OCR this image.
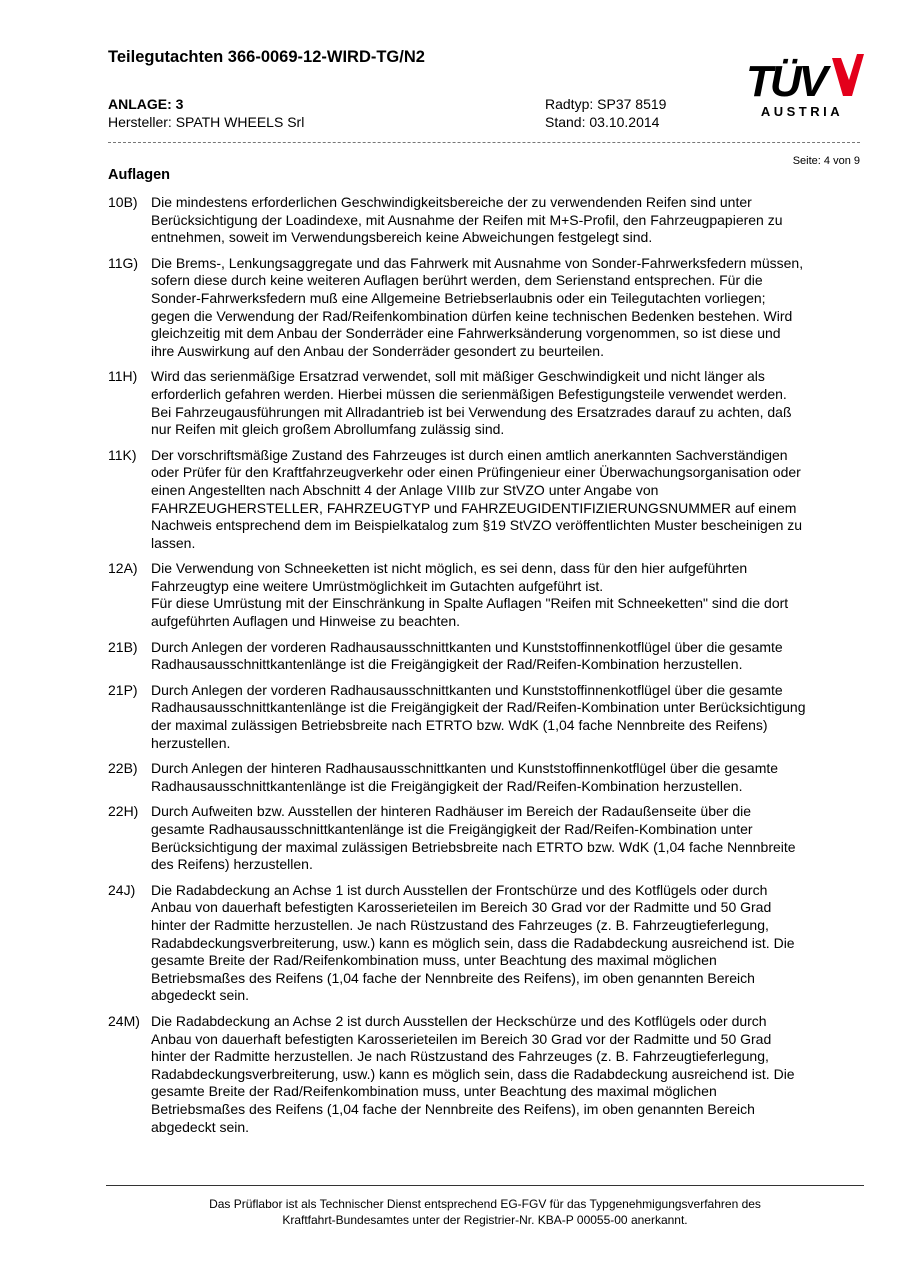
Teilegutachten 366-0069-12-WIRD-TG/N2
ANLAGE: 3
Hersteller: SPATH WHEELS Srl
Radtyp: SP37 8519
Stand: 03.10.2014
TÜV
AUSTRIA
Seite: 4 von 9
Auflagen
10B) Die mindestens erforderlichen Geschwindigkeitsbereiche der zu verwendenden Reifen sind unter
Berücksichtigung der Loadindexe, mit Ausnahme der Reifen mit M+S-Profil, den Fahrzeugpapieren zu
entnehmen, soweit im Verwendungsbereich keine Abweichungen festgelegt sind.
11G) Die Brems-, Lenkungsaggregate und das Fahrwerk mit Ausnahme von Sonder-Fahrwerksfedern müssen,
sofern diese durch keine weiteren Auflagen berührt werden, dem Serienstand entsprechen. Für die
Sonder-Fahrwerksfedern muß eine Allgemeine Betriebserlaubnis oder ein Teilegutachten vorliegen;
gegen die Verwendung der Rad/Reifenkombination dürfen keine technischen Bedenken bestehen. Wird
gleichzeitig mit dem Anbau der Sonderräder eine Fahrwerksänderung vorgenommen, so ist diese und
ihre Auswirkung auf den Anbau der Sonderräder gesondert zu beurteilen.
11H) Wird das serienmäßige Ersatzrad verwendet, soll mit mäßiger Geschwindigkeit und nicht länger als
erforderlich gefahren werden. Hierbei müssen die serienmäßigen Befestigungsteile verwendet werden.
Bei Fahrzeugausführungen mit Allradantrieb ist bei Verwendung des Ersatzrades darauf zu achten, daß
nur Reifen mit gleich großem Abrollumfang zulässig sind.
11K)	Der vorschriftsmäßige Zustand des Fahrzeuges ist durch einen amtlich anerkannten Sachverständigen
oder Prüfer für den Kraftfahrzeugverkehr oder einen Prüfingenieur einer Überwachungsorganisation oder
einen Angestellten nach Abschnitt 4 der Anlage VIIIb zur StVZO unter Angabe von
FAHRZEUGHERSTELLER, FAHRZEUGTYP und FAHRZEUGIDENTIFIZIERUNGSNUMMER auf einem
Nachweis entsprechend dem im Beispielkatalog zum §19 StVZO veröffentlichten Muster bescheinigen zu
lassen.
12A) Die Verwendung von Schneeketten ist nicht möglich, es sei denn, dass für den hier aufgeführten
Fahrzeugtyp eine weitere Umrüstmöglichkeit im Gutachten aufgeführt ist.
Für diese Umrüstung mit der Einschränkung in Spalte Auflagen "Reifen mit Schneeketten" sind die dort
aufgeführten Auflagen und Hinweise zu beachten.
21B) Durch Anlegen der vorderen Radhausausschnittkanten und Kunststoffinnenkotflügel über die gesamte
Radhausausschnittkantenlänge ist die Freigängigkeit der Rad/Reifen-Kombination herzustellen.
21P) Durch Anlegen der vorderen Radhausausschnittkanten und Kunststoffinnenkotflügel über die gesamte
Radhausausschnittkantenlänge ist die Freigängigkeit der Rad/Reifen-Kombination unter Berücksichtigung
der maximal zulässigen Betriebsbreite nach ETRTO bzw. WdK (1,04 fache Nennbreite des Reifens)
herzustellen.
22B) Durch Anlegen der hinteren Radhausausschnittkanten und Kunststoffinnenkotflügel über die gesamte
Radhausausschnittkantenlänge ist die Freigängigkeit der Rad/Reifen-Kombination herzustellen.
22H) Durch Aufweiten bzw. Ausstellen der hinteren Radhäuser im Bereich der Radaußenseite über die
gesamte Radhausausschnittkantenlänge ist die Freigängigkeit der Rad/Reifen-Kombination unter
Berücksichtigung der maximal zulässigen Betriebsbreite nach ETRTO bzw. WdK (1,04 fache Nennbreite
des Reifens) herzustellen.
24J)	Die Radabdeckung an Achse 1 ist durch Ausstellen der Frontschürze und des Kotflügels oder durch
Anbau von dauerhaft befestigten Karosserieteilen im Bereich 30 Grad vor der Radmitte und 50 Grad
hinter der Radmitte herzustellen. Je nach Rüstzustand des Fahrzeuges (z. B. Fahrzeugtieferlegung,
Radabdeckungsverbreiterung, usw.) kann es möglich sein, dass die Radabdeckung ausreichend ist. Die
gesamte Breite der Rad/Reifenkombination muss, unter Beachtung des maximal möglichen
Betriebsmaßes des Reifens (1,04 fache der Nennbreite des Reifens), im oben genannten Bereich
abgedeckt sein.
24M) Die Radabdeckung an Achse 2 ist durch Ausstellen der Heckschürze und des Kotflügels oder durch
Anbau von dauerhaft befestigten Karosserieteilen im Bereich 30 Grad vor der Radmitte und 50 Grad
hinter der Radmitte herzustellen. Je nach Rüstzustand des Fahrzeuges (z. B. Fahrzeugtieferlegung,
Radabdeckungsverbreiterung, usw.) kann es möglich sein, dass die Radabdeckung ausreichend ist. Die
gesamte Breite der Rad/Reifenkombination muss, unter Beachtung des maximal möglichen
Betriebsmaßes des Reifens (1,04 fache der Nennbreite des Reifens), im oben genannten Bereich
abgedeckt sein.
Das Prüflabor ist als Technischer Dienst entsprechend EG-FGV für das Typgenehmigungsverfahren des
Kraftfahrt-Bundesamtes unter der Registrier-Nr. KBA-P 00055-00 anerkannt.
